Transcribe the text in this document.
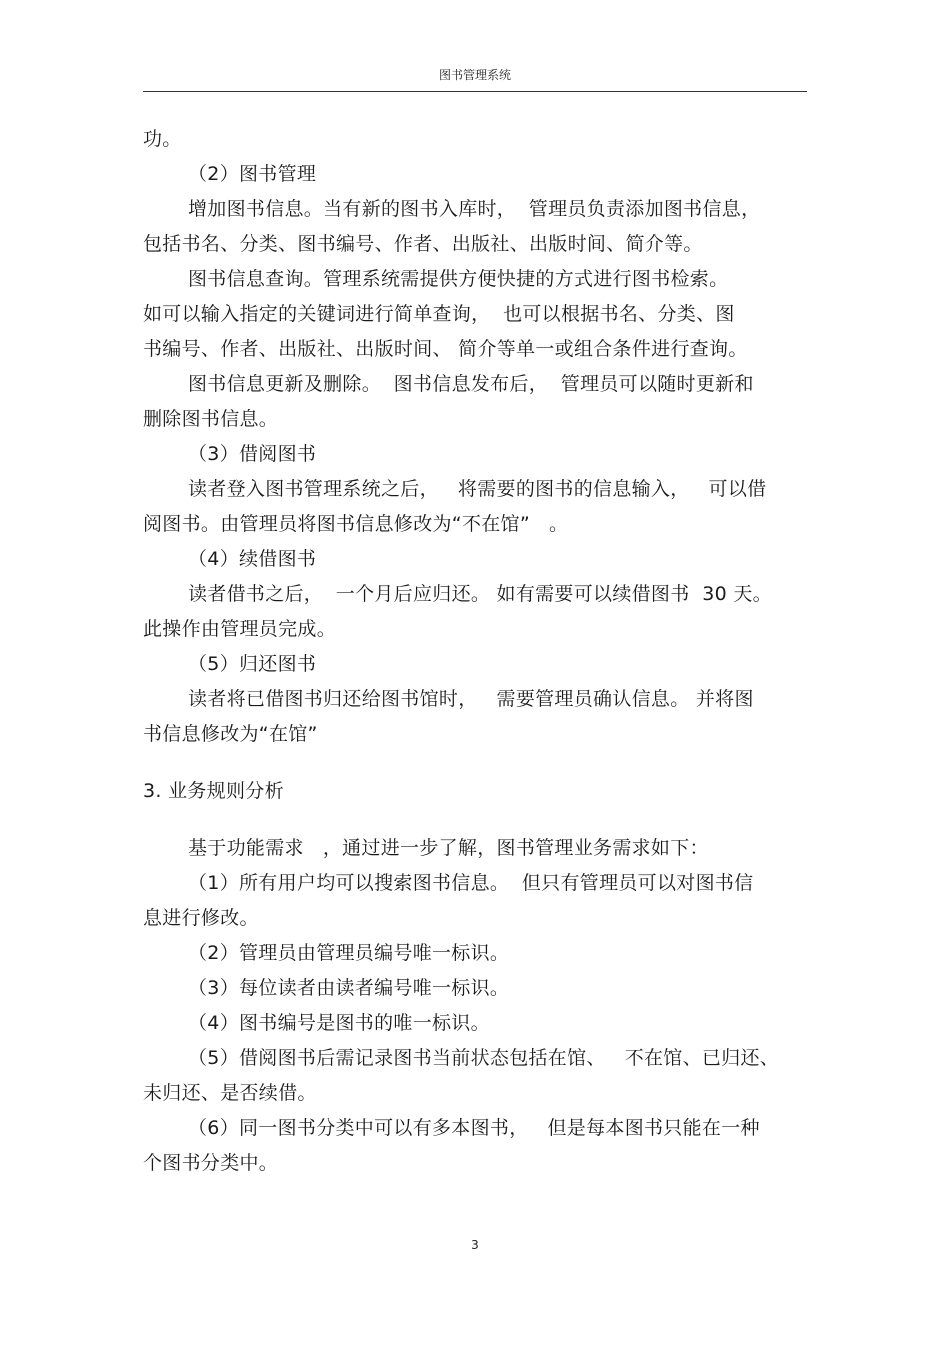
图书管理系统
功。
（2）图书管理
增加图书信息。当有新的图书入库时，  管理员负责添加图书信息，
包括书名、分类、图书编号、作者、出版社、出版时间、简介等。
图书信息查询。管理系统需提供方便快捷的方式进行图书检索。
如可以输入指定的关键词进行简单查询，  也可以根据书名、分类、图
书编号、作者、出版社、出版时间、 简介等单一或组合条件进行查询。
图书信息更新及删除。  图书信息发布后，  管理员可以随时更新和
删除图书信息。
（3）借阅图书
读者登入图书管理系统之后，   将需要的图书的信息输入，   可以借
阅图书。由管理员将图书信息修改为“不在馆”   。
（4）续借图书
读者借书之后，  一个月后应归还。 如有需要可以续借图书  30 天。
此操作由管理员完成。
（5）归还图书
读者将已借图书归还给图书馆时，   需要管理员确认信息。 并将图
书信息修改为“在馆”
3. 业务规则分析
基于功能需求   ，通过进一步了解，图书管理业务需求如下：
（1）所有用户均可以搜索图书信息。  但只有管理员可以对图书信
息进行修改。
（2）管理员由管理员编号唯一标识。
（3）每位读者由读者编号唯一标识。
（4）图书编号是图书的唯一标识。
（5）借阅图书后需记录图书当前状态包括在馆、   不在馆、已归还、
未归还、是否续借。
（6）同一图书分类中可以有多本图书，   但是每本图书只能在一种
个图书分类中。
3
